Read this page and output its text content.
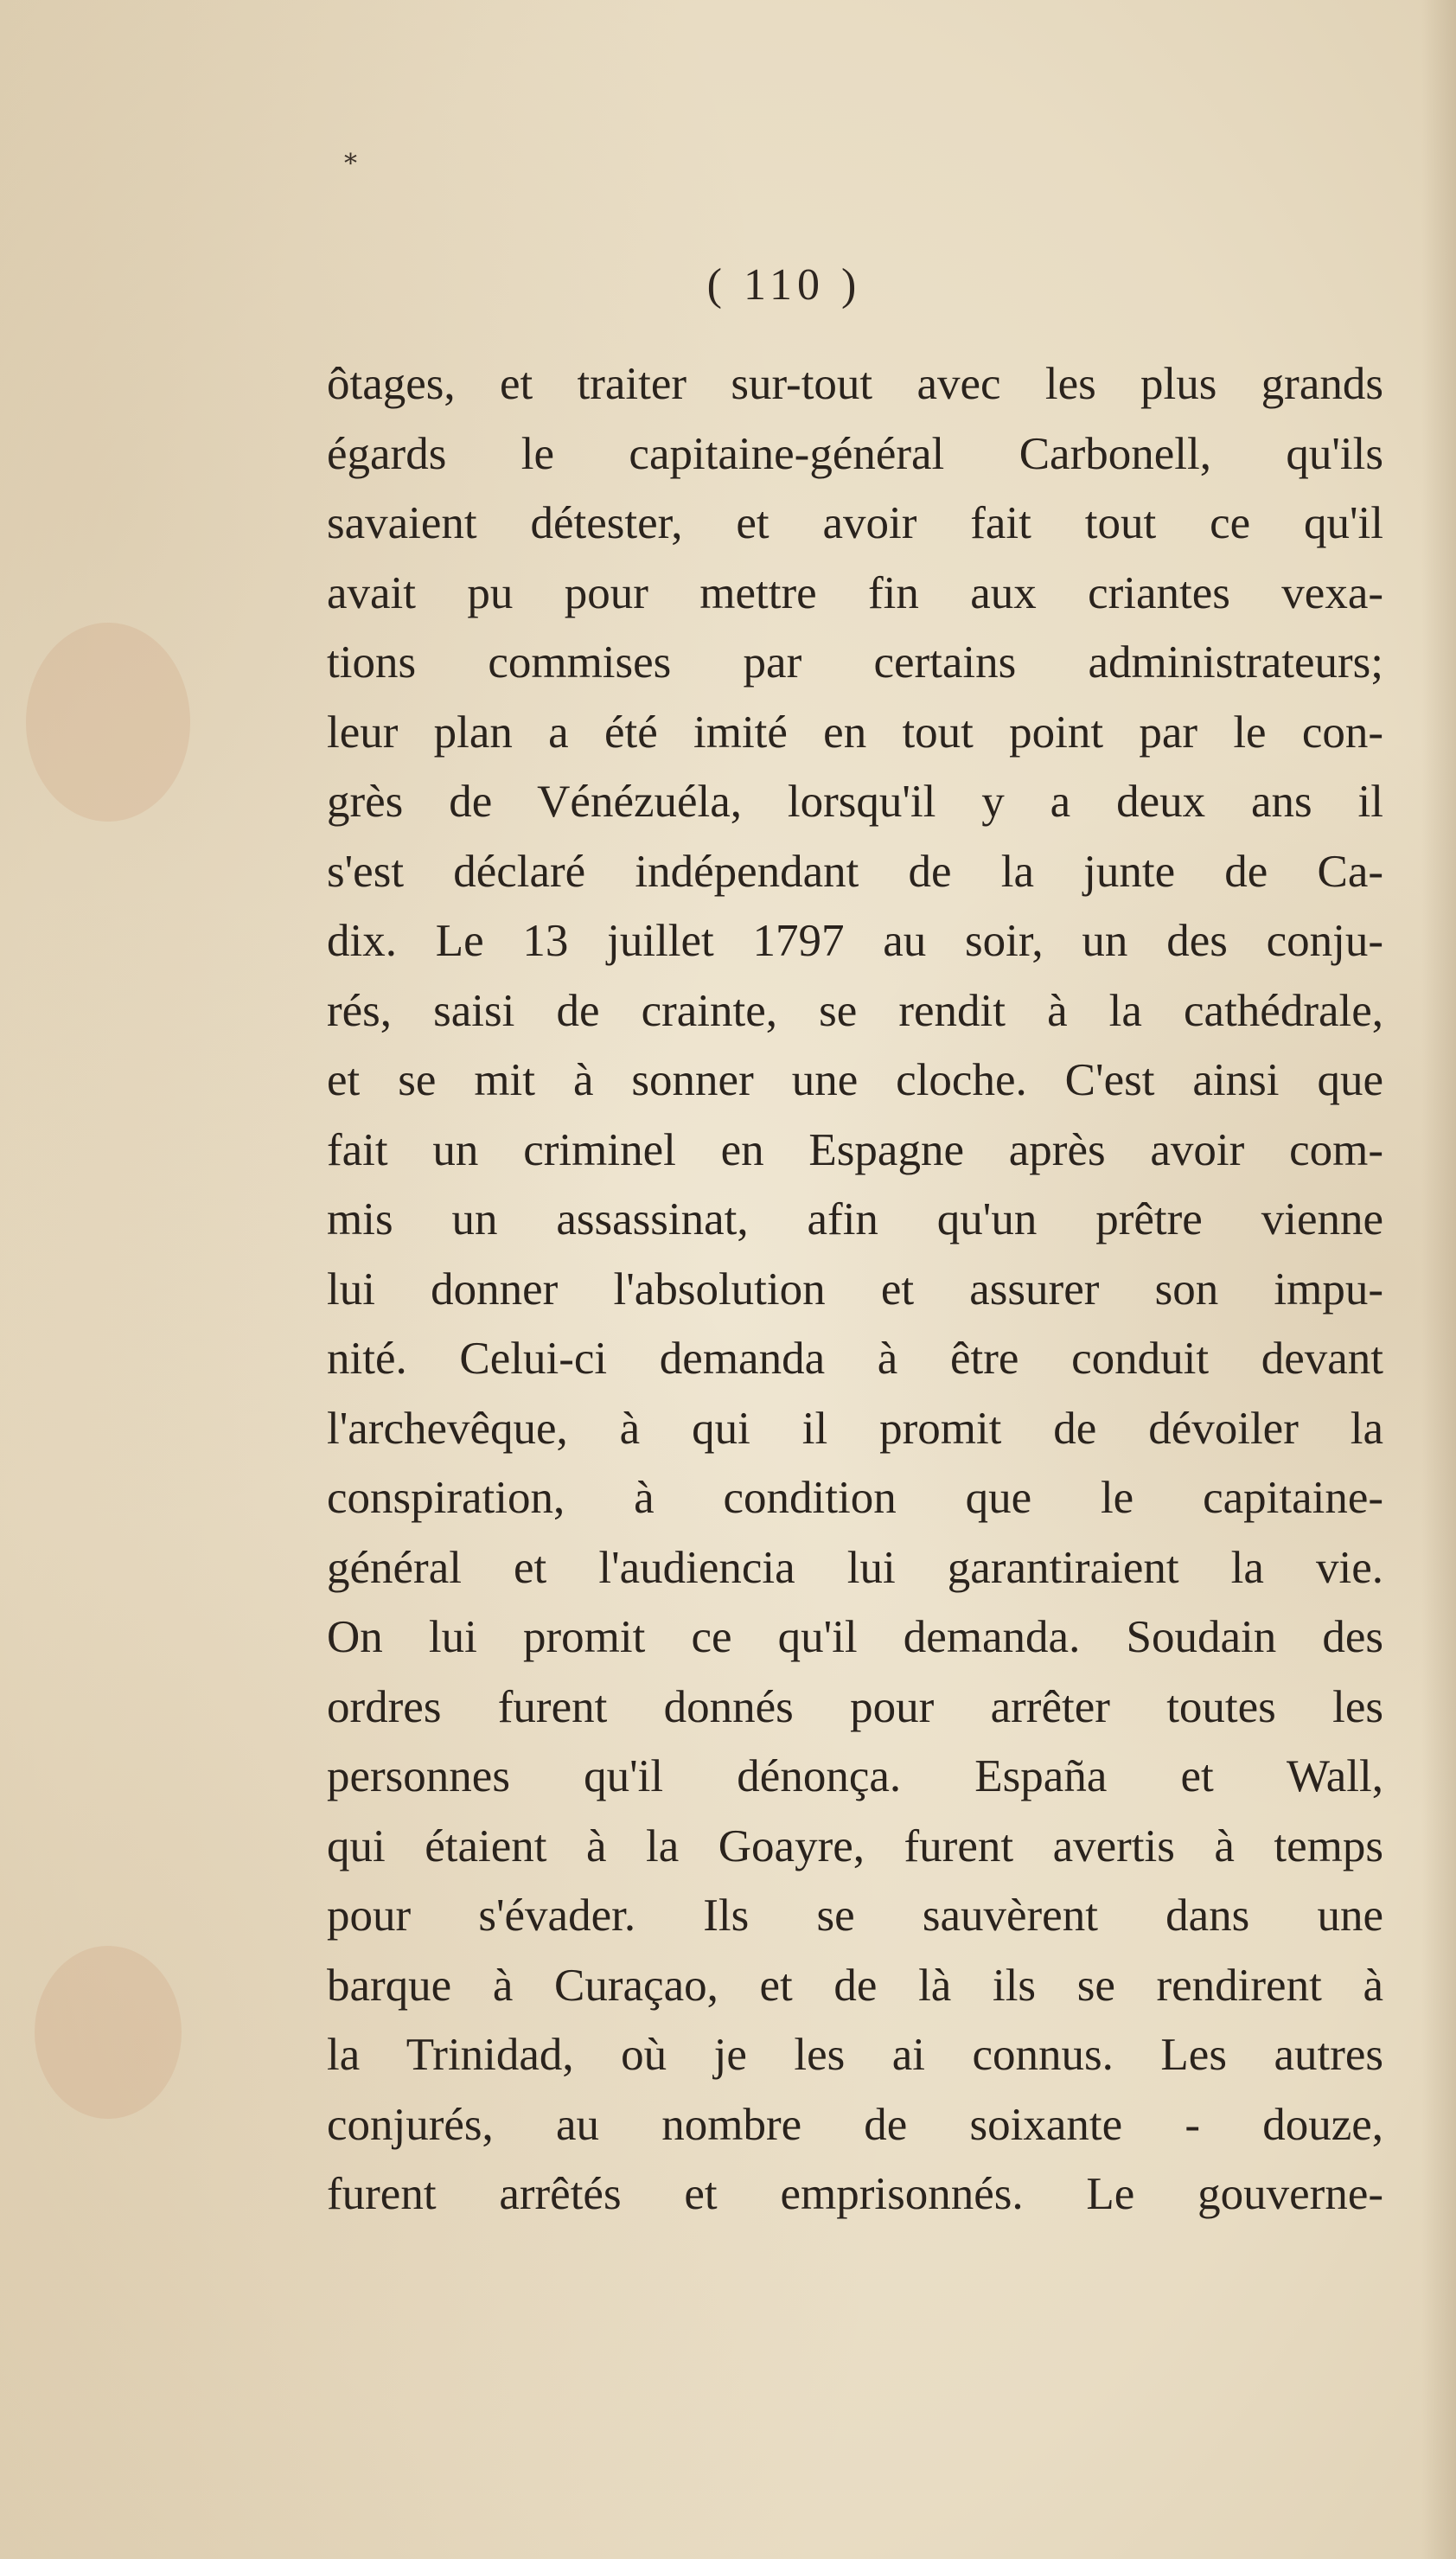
*
( 110 )
ôtages, et traiter sur-tout avec les plus grands
égards le capitaine-général Carbonell, qu'ils
savaient détester, et avoir fait tout ce qu'il
avait pu pour mettre fin aux criantes vexa-
tions commises par certains administrateurs;
leur plan a été imité en tout point par le con-
grès de Vénézuéla, lorsqu'il y a deux ans il
s'est déclaré indépendant de la junte de Ca-
dix. Le 13 juillet 1797 au soir, un des conju-
rés, saisi de crainte, se rendit à la cathédrale,
et se mit à sonner une cloche. C'est ainsi que
fait un criminel en Espagne après avoir com-
mis un assassinat, afin qu'un prêtre vienne
lui donner l'absolution et assurer son impu-
nité. Celui-ci demanda à être conduit devant
l'archevêque, à qui il promit de dévoiler la
conspiration, à condition que le capitaine-
général et l'audiencia lui garantiraient la vie.
On lui promit ce qu'il demanda. Soudain des
ordres furent donnés pour arrêter toutes les
personnes qu'il dénonça. España et Wall,
qui étaient à la Goayre, furent avertis à temps
pour s'évader. Ils se sauvèrent dans une
barque à Curaçao, et de là ils se rendirent à
la Trinidad, où je les ai connus. Les autres
conjurés, au nombre de soixante - douze,
furent arrêtés et emprisonnés. Le gouverne-
